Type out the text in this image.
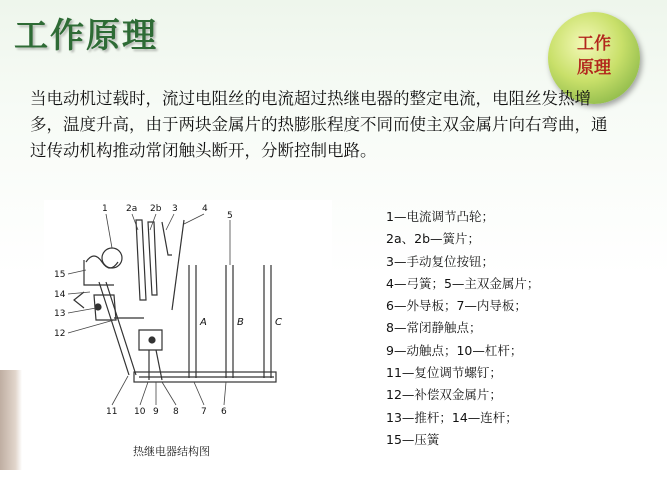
工作原理	工作
原理
当电动机过载时，流过电阻丝的电流超过热继电器的整定电流，电阻丝发热增多，温度升高，由于两块金属片的热膨胀程度不同而使主双金属片向右弯曲，通过传动机构推动常闭触头断开，分断控制电路。
1 2a 2b 3	4
5
15
14
13
12
11 10 9 8 7 6
A	B	C
热继电器结构图
1—电流调节凸轮；
2a、2b—簧片；
3—手动复位按钮；
4—弓簧；5—主双金属片；
6—外导板；7—内导板；
8—常闭静触点；
9—动触点；10—杠杆；
11—复位调节螺钉；
12—补偿双金属片；
13—推杆；14—连杆；
15—压簧
